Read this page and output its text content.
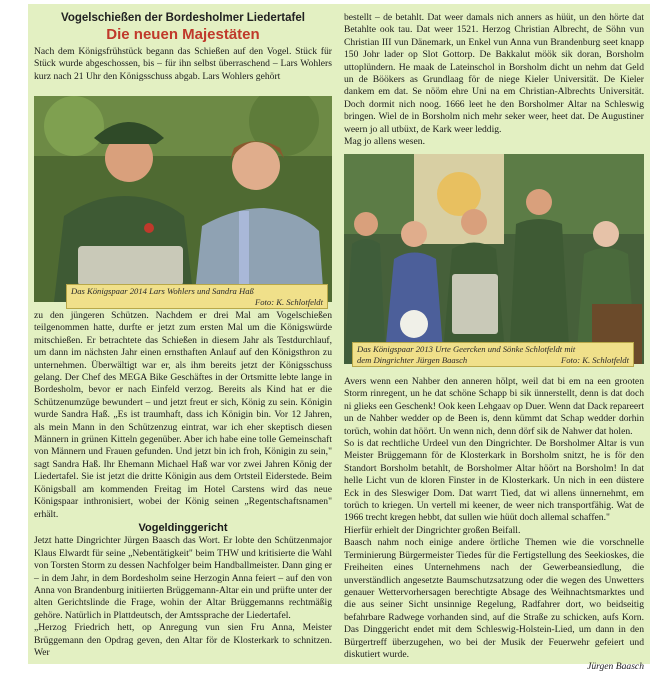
Vogelschießen der Bordesholmer Liedertafel
Die neuen Majestäten

Nach dem Königsfrühstück begann das Schießen auf den Vogel. Stück für Stück wurde abgeschossen, bis – für ihn selbst überraschend – Lars Wohlers kurz nach 21 Uhr den Königsschuss abgab. Lars Wohlers gehört

Das Königspaar 2014 Lars Wohlers und Sandra Haß
Foto: K. Schlotfeldt

zu den jüngeren Schützen. Nachdem er drei Mal am Vogelschießen teilgenommen hatte, durfte er jetzt zum ersten Mal um die Königswürde mitschießen. Er betrachtete das Schießen in diesem Jahr als Testdurchlauf, um dann im nächsten Jahr einen ernsthaften Anlauf auf den Königsthron zu unternehmen. Überwältigt war er, als ihm bereits jetzt der Königsschuss gelang. Der Chef des MEGA Bike Geschäftes in der Ortsmitte lebte lange in Bordesholm, bevor er nach Einfeld verzog. Bereits als Kind hat er die Schützenumzüge bewundert – und jetzt freut er sich, König zu sein. Königin wurde Sandra Haß. „Es ist traumhaft, dass ich Königin bin. Vor 12 Jahren, als mein Mann in den Schützenzug eintrat, war ich eher skeptisch diesen Männern in grünen Kitteln gegenüber. Aber ich habe eine tolle Gemeinschaft von Männern und Frauen gefunden. Und jetzt bin ich froh, Königin zu sein," sagt Sandra Haß. Ihr Ehemann Michael Haß war vor zwei Jahren König der Liedertafel. Sie ist jetzt die dritte Königin aus dem Ortsteil Eiderstede. Beim Königsball am kommenden Freitag im Hotel Carstens wird das neue Königspaar inthronisiert, wobei der König seinen „Regentschaftsnamen" erhält.

Vogeldinggericht

Jetzt hatte Dingrichter Jürgen Baasch das Wort. Er lobte den Schützenmajor Klaus Elwardt für seine „Nebentätigkeit" beim THW und kritisierte die Wahl von Torsten Storm zu dessen Nachfolger beim Handballmeister. Dann ging er – in dem Jahr, in dem Bordesholm seine Herzogin Anna feiert – auf den von Anna von Brandenburg initiierten Brüggemann-Altar ein und prüfte unter der alten Gerichtslinde die Frage, wohin der Altar Brüggemanns rechtmäßig gehöre. Natürlich in Plattdeutsch, der Amtssprache der Liedertafel.

„Herzog Friedrich hett, op Anregung vun sien Fru Anna, Meister Brüggemann den Opdrag geven, den Altar för de Klosterkark to schnitzen. Wer

bestellt – de betahlt. Dat weer damals nich anners as hüüt, un den hörte dat Betahlte ook tau. Dat weer 1521. Herzog Christian Albrecht, de Söhn vun Christian III vun Dänemark, un Enkel vun Anna vun Brandenburg seet knapp 150 Johr lader op Slot Gottorp. De Bakkalut möök sik doran, Borsholm uttoplündern. He maak de Lateinschol in Borsholm dicht un nehm dat Geld un de Böökers as Grundlaag för de niege Kieler Universität. De Kieler dankem em dat. Se nööm ehre Uni na em Christian-Albrechts Universität. Doch dormit nich noog. 1666 leet he den Borsholmer Altar na Schleswig bringen. Wiel de in Borsholm nich mehr seker weer, heet dat. De Augustiner weern jo all utbüxt, de Kark weer leddig.

Mag jo allens wesen.

Das Königspaar 2013 Urte Geercken und Sönke Schlotfeldt mit
dem Dingrichter Jürgen Baasch	Foto: K. Schlotfeldt

Avers wenn een Nahber den anneren hölpt, weil dat bi em na een grooten Storm rinregent, un he dat schöne Schapp bi sik ünnerstellt, denn is dat doch ni glieks een Geschenk! Ook keen Lehgaav op Duer. Wenn dat Dack repareert un de Nahber wedder op de Been is, denn kümmt dat Schap wedder dorhin torüch, wohin dat höört. Un wenn nich, denn dörf sik de Nahwer dat holen.

So is dat rechtliche Urdeel vun den Dingrichter. De Borsholmer Altar is vun Meister Brüggemann för de Klosterkark in Borsholm snitzt, he is för den Standort Borsholm betahlt, de Borsholmer Altar höört na Borsholm! In dat helle Licht vun de kloren Finster in de Klosterkark. Un nich in een düstere Eck in des Sleswiger Dom. Dat warrt Tied, dat wi allens ünnernehmt, em torüch to kriegen. Un vertell mi keener, de weer nich transportfähig. Wat de 1966 trecht kregen hebbt, dat sullen wie hüüt doch allemal schaffen."

Hierfür erhielt der Dingrichter großen Beifall.

Baasch nahm noch einige andere örtliche Themen wie die vorschnelle Terminierung Bürgermeister Tiedes für die Fertigstellung des Seekioskes, die Freiheiten eines Unternehmens nach der Gewerbeansiedlung, die unverständlich angesetzte Baumschutzsatzung oder die wegen des Unwetters genauer Wettervorhersagen berechtigte Absage des Weihnachtsmarktes und die aus seiner Sicht unsinnige Regelung, Radfahrer dort, wo beidseitig befahrbare Radwege vorhanden sind, auf die Straße zu schicken, aufs Korn. Das Dinggericht endet mit dem Schleswig-Holstein-Lied, um dann in den Bürgertreff überzugehen, wo bei der Musik der Feuerwehr gefeiert und diskutiert wurde.

Jürgen Baasch
